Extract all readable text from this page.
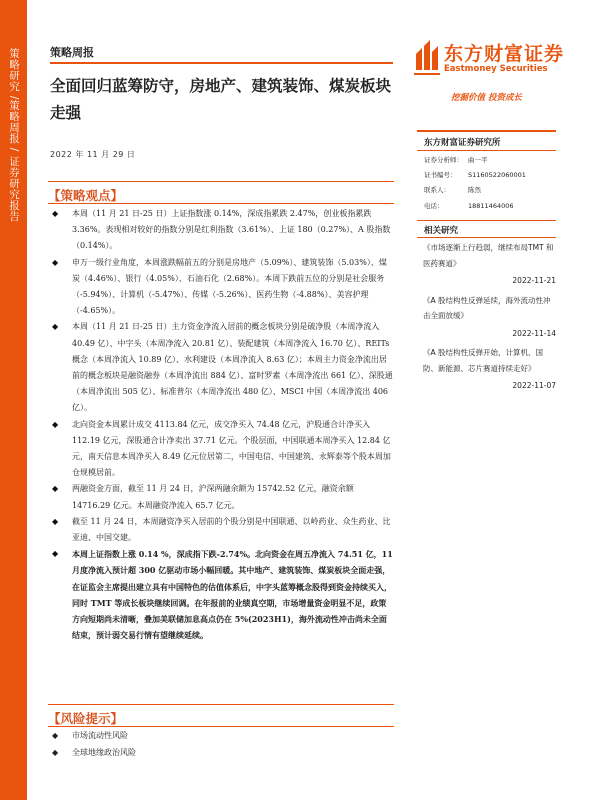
策略研究 /策略周报 / 证券研究报告	策略周报
全面回归蓝筹防守，房地产、建筑装饰、煤炭板块走强
2022 年 11 月 29 日
东方财富证券
Eastmoney Securities
挖掘价值 投资成长
东方财富证券研究所
证券分析师： 曲一平
证书编号： S1160522060001
联系人：	陈然
电话：	18811464006
相关研究
《市场逐渐上行趋弱，继续布局TMT 和医药赛道》
2022-11-21
《A 股结构性反弹延续，海外流动性冲击全面放缓》
2022-11-14
《A 股结构性反弹开始，计算机、国防、新能源、芯片赛道持续走好》
2022-11-07
【策略观点】
◆ 本周（11 月 21 日-25 日）上证指数涨 0.14%，深成指累跌 2.47%，创业板指累跌 3.36%。表现相对较好的指数分别是红利指数（3.61%）、上证 180（0.27%）、A 股指数（0.14%）。
◆ 申万一级行业角度，本周涨跌幅前五的分别是房地产（5.09%）、建筑装饰（5.03%）、煤炭（4.46%）、银行（4.05%）、石油石化（2.68%）。本周下跌前五位的分别是社会服务（-5.94%）、计算机（-5.47%）、传媒（-5.26%）、医药生物（-4.88%）、美容护理（-4.65%）。
◆ 本周（11 月 21 日-25 日）主力资金净流入居前的概念板块分别是破净股（本周净流入 40.49 亿）、中字头（本周净流入 20.81 亿）、装配建筑（本周净流入 16.70 亿）、REITs 概念（本周净流入 10.89 亿）、水利建设（本周净流入 8.63 亿）；本周主力资金净流出居前的概念板块是融资融券（本周净流出 884 亿）、富时罗素（本周净流出 661 亿）、深股通（本周净流出 505 亿）、标准普尔（本周净流出 480 亿）、MSCI 中国（本周净流出 406 亿）。
◆ 北向资金本周累计成交 4113.84 亿元，成交净买入 74.48 亿元，沪股通合计净买入 112.19 亿元，深股通合计净卖出 37.71 亿元。个股层面，中国联通本周净买入 12.84 亿元，南天信息本周净买入 8.49 亿元位居第二，中国电信、中国建筑、永辉泰等个股本周加仓规模居前。
◆ 两融资金方面，截至 11 月 24 日，沪深两融余额为 15742.52 亿元，融资余额 14716.29 亿元。本周融资净流入 65.7 亿元。
◆ 截至 11 月 24 日，本周融资净买入居前的个股分别是中国联通、以岭药业、众生药业、比亚迪、中国交建。
◆ 本周上证指数上涨 0.14 %，深成指下跌-2.74%。北向资金在周五净流入 74.51 亿，11 月度净流入预计超 300 亿驱动市场小幅回暖。其中地产、建筑装饰、煤炭板块全面走强，在证监会主席提出建立具有中国特色的估值体系后，中字头蓝筹概念股得到资金持续买入，同时 TMT 等成长板块继续回调。在年报前的业绩真空期，市场增量资金明显不足，政策方向短期尚未清晰，叠加美联储加息高点仍在 5%(2023H1)，海外流动性冲击尚未全面结束，预计弱交易行情有望继续延续。
【风险提示】
◆ 市场流动性风险
◆ 全球地缘政治风险
